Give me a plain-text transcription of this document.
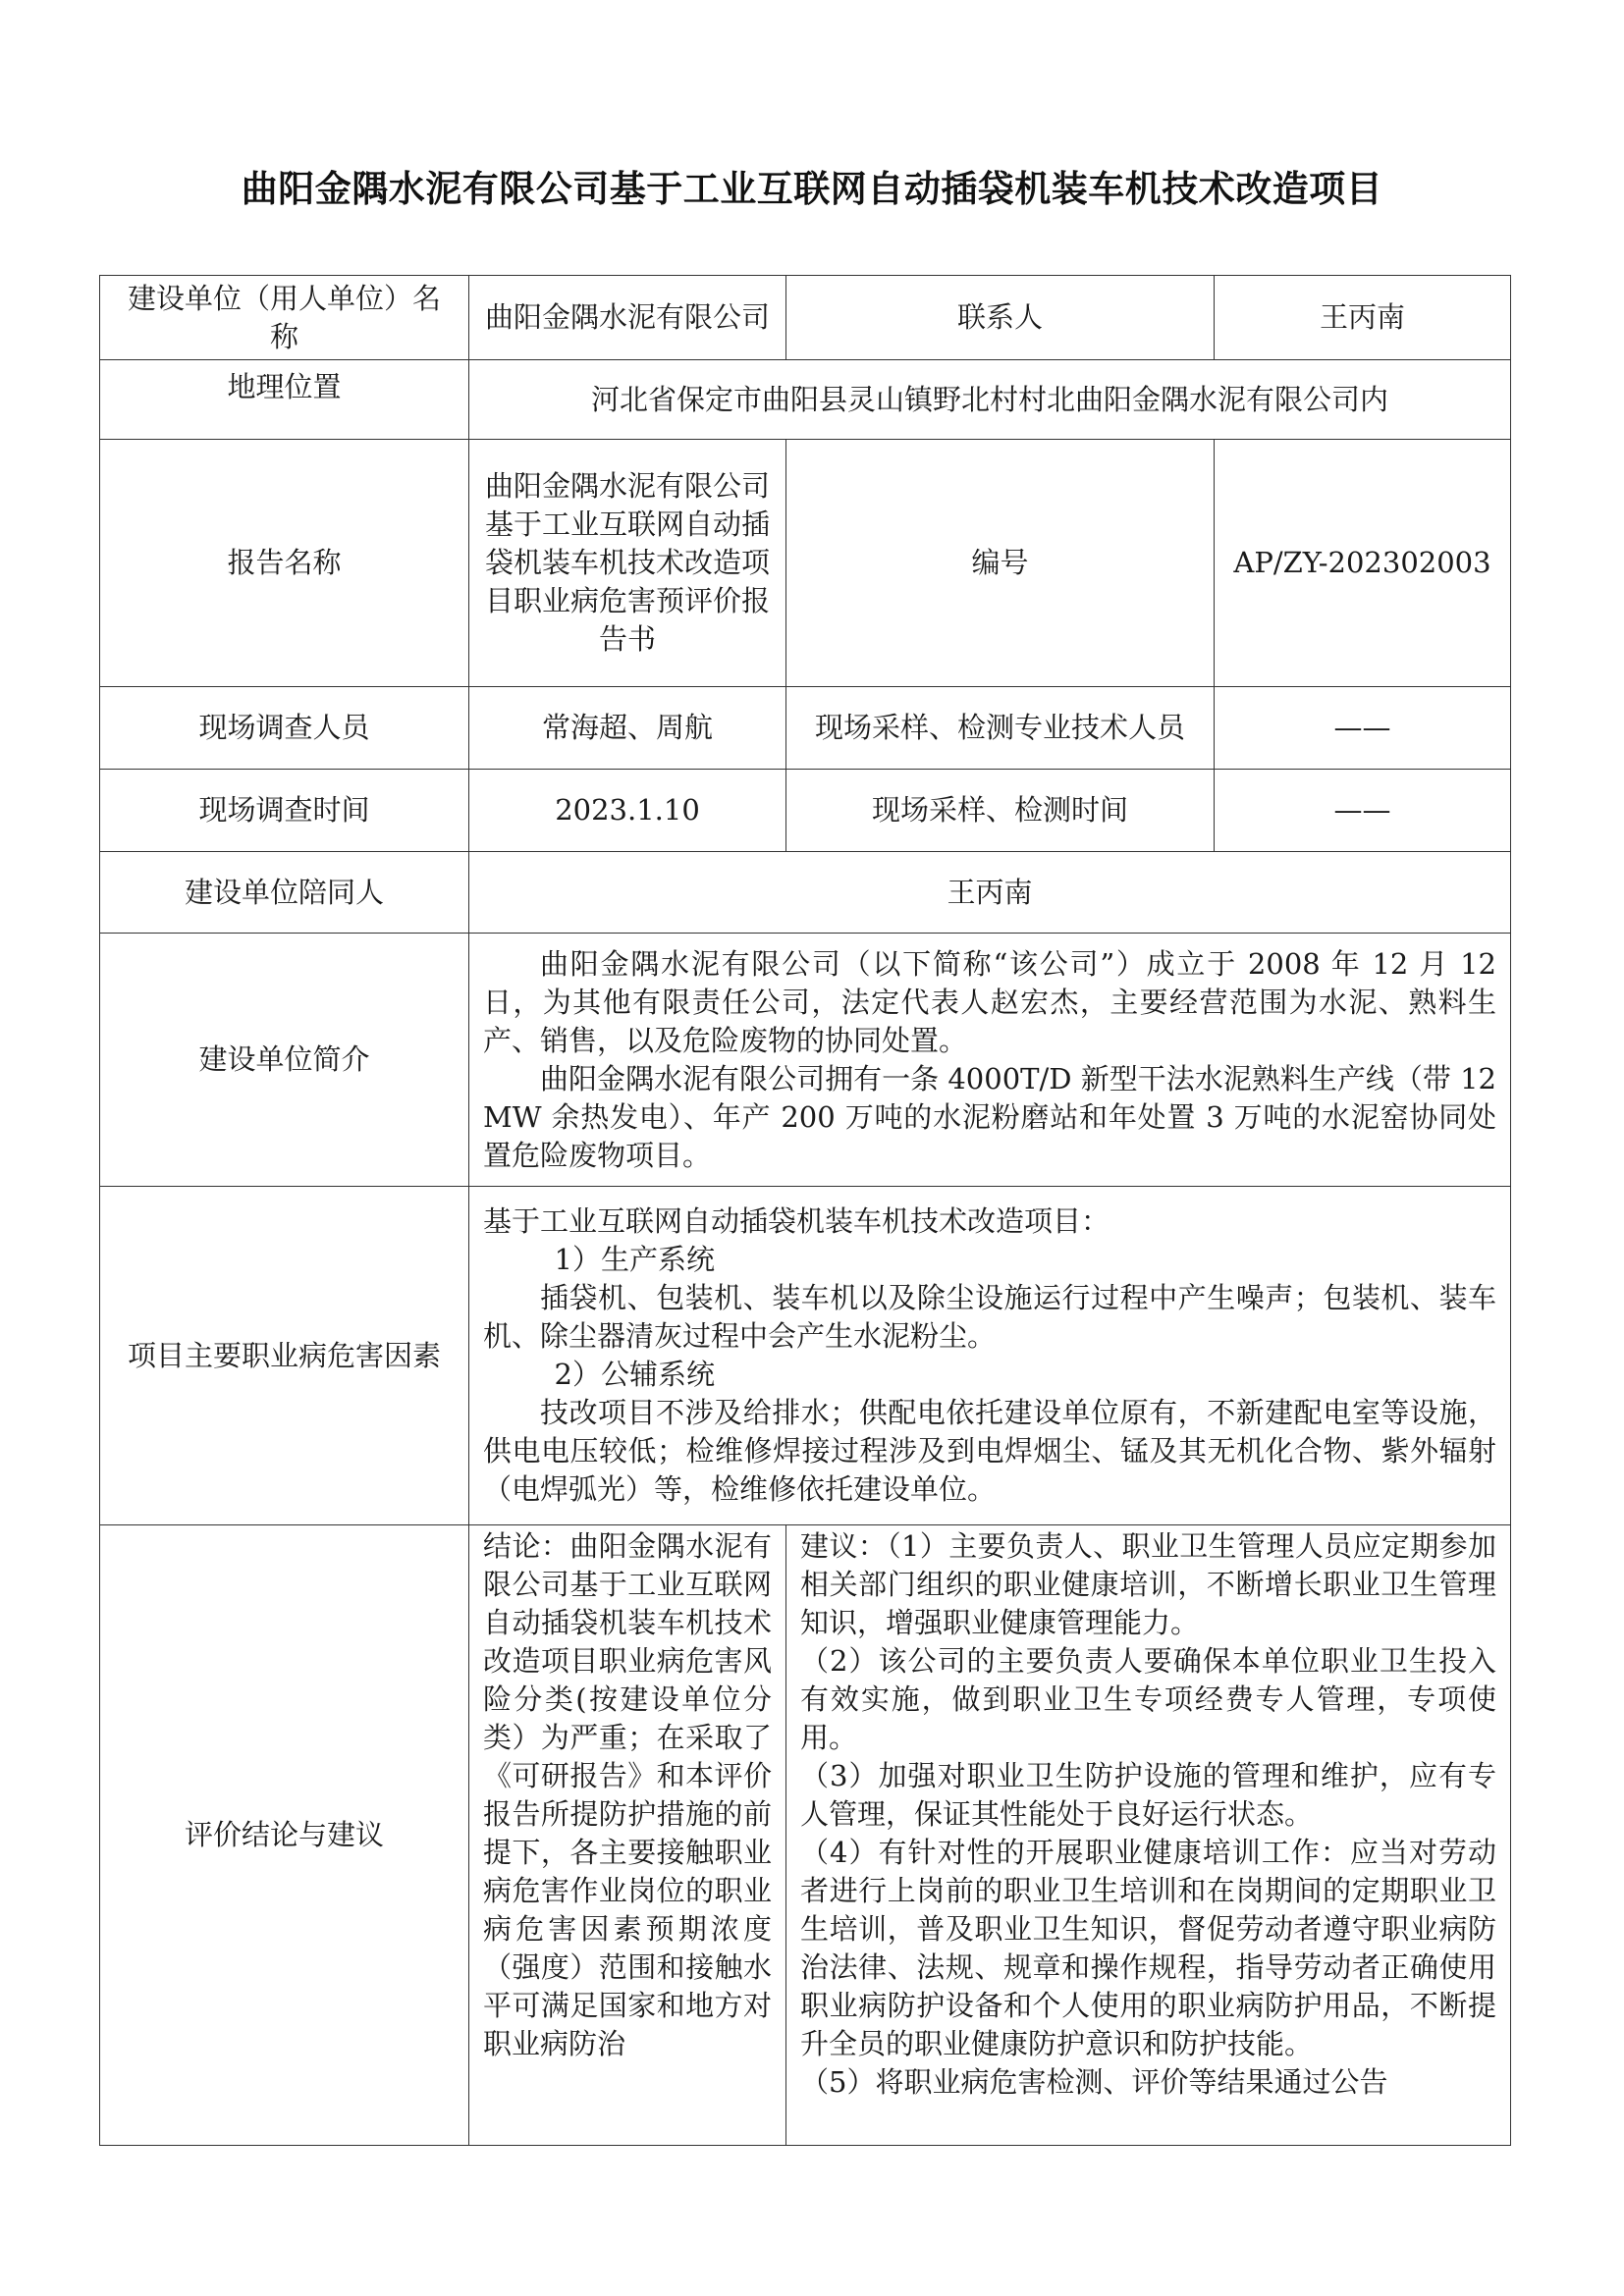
曲阳金隅水泥有限公司基于工业互联网自动插袋机装车机技术改造项目
建设单位（用人单位）名称	曲阳金隅水泥有限公司	联系人	王丙南
地理位置	河北省保定市曲阳县灵山镇野北村村北曲阳金隅水泥有限公司内		
报告名称	曲阳金隅水泥有限公司基于工业互联网自动插袋机装车机技术改造项目职业病危害预评价报告书	编号	AP/ZY-202302003
现场调查人员	常海超、周航	现场采样、检测专业技术人员	——
现场调查时间	2023.1.10	现场采样、检测时间	——
建设单位陪同人	王丙南		
建设单位简介	曲阳金隅水泥有限公司（以下简称“该公司”）成立于 2008 年 12 月 12 日，为其他有限责任公司，法定代表人赵宏杰，主要经营范围为水泥、熟料生产、销售，以及危险废物的协同处置。

曲阳金隅水泥有限公司拥有一条 4000T/D 新型干法水泥熟料生产线（带 12MW 余热发电）、年产 200 万吨的水泥粉磨站和年处置 3 万吨的水泥窑协同处置危险废物项目。		

项目主要职业病危害因素	基于工业互联网自动插袋机装车机技术改造项目：

1）生产系统

插袋机、包装机、装车机以及除尘设施运行过程中产生噪声；包装机、装车机、除尘器清灰过程中会产生水泥粉尘。

2）公辅系统

技改项目不涉及给排水；供配电依托建设单位原有，不新建配电室等设施，供电电压较低；检维修焊接过程涉及到电焊烟尘、锰及其无机化合物、紫外辐射（电焊弧光）等，检维修依托建设单位。		

评价结论与建议	结论：曲阳金隅水泥有限公司基于工业互联网自动插袋机装车机技术改造项目职业病危害风险分类(按建设单位分类）为严重；在采取了《可研报告》和本评价报告所提防护措施的前提下，各主要接触职业病危害作业岗位的职业病危害因素预期浓度（强度）范围和接触水平可满足国家和地方对职业病防治	建议：（1）主要负责人、职业卫生管理人员应定期参加相关部门组织的职业健康培训，不断增长职业卫生管理知识，增强职业健康管理能力。

（2）该公司的主要负责人要确保本单位职业卫生投入有效实施，做到职业卫生专项经费专人管理，专项使用。

（3）加强对职业卫生防护设施的管理和维护，应有专人管理，保证其性能处于良好运行状态。

（4）有针对性的开展职业健康培训工作：应当对劳动者进行上岗前的职业卫生培训和在岗期间的定期职业卫生培训，普及职业卫生知识，督促劳动者遵守职业病防治法律、法规、规章和操作规程，指导劳动者正确使用职业病防护设备和个人使用的职业病防护用品，不断提升全员的职业健康防护意识和防护技能。

（5）将职业病危害检测、评价等结果通过公告	
